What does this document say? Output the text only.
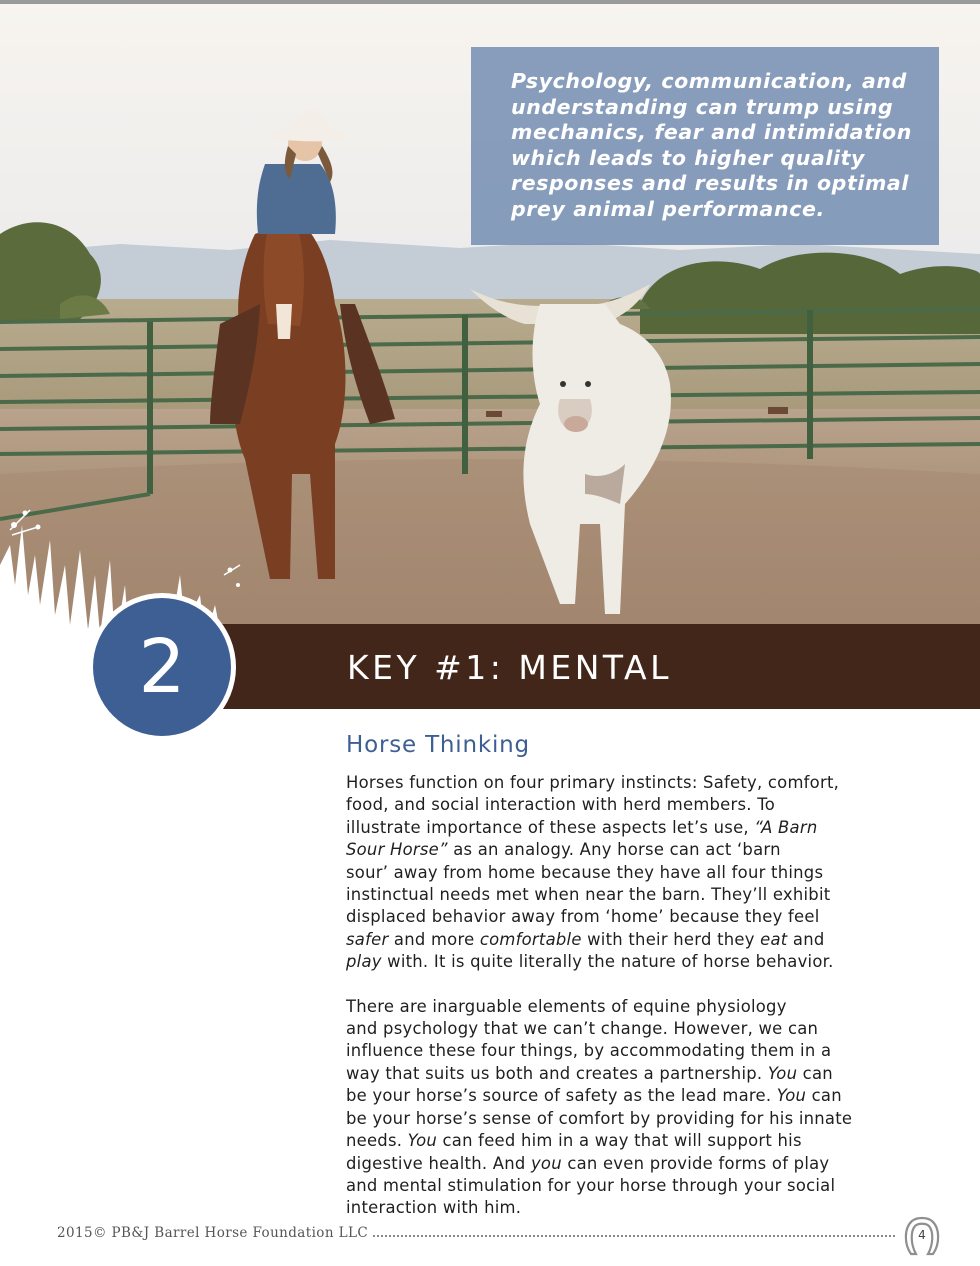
Psychology, communication, and
understanding can trump using
mechanics, fear and intimidation
which leads to higher quality
responses and results in optimal
prey animal performance.

KEY #1: MENTAL
2
Horse Thinking

Horses function on four primary instincts: Safety, comfort,
food, and social interaction with herd members. To
illustrate importance of these aspects let’s use, “A Barn
Sour Horse” as an analogy. Any horse can act ‘barn
sour’ away from home because they have all four things
instinctual needs met when near the barn. They’ll exhibit
displaced behavior away from ‘home’ because they feel
safer and more comfortable with their herd they eat and
play with. It is quite literally the nature of horse behavior.

There are inarguable elements of equine physiology
and psychology that we can’t change. However, we can
influence these four things, by accommodating them in a
way that suits us both and creates a partnership. You can
be your horse’s source of safety as the lead mare. You can
be your horse’s sense of comfort by providing for his innate
needs. You can feed him in a way that will support his
digestive health. And you can even provide forms of play
and mental stimulation for your horse through your social
interaction with him.

2015© PB&J Barrel Horse Foundation LLC	4
